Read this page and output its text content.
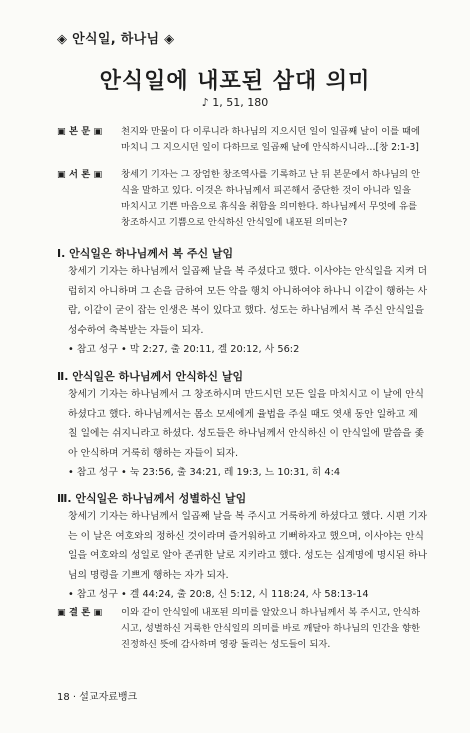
◈ 안식일, 하나님 ◈
안식일에 내포된 삼대 의미
♪ 1, 51, 180
▣ 본 문 ▣	천지와 만물이 다 이루니라 하나님의 지으시던 일이 일곱째 날이 이를 때에 마치니 그 지으시던 일이 다하므로 일곱째 날에 안식하시니라…[창 2:1-3]
▣ 서 론 ▣	창세기 기자는 그 장엄한 창조역사를 기록하고 난 뒤 본문에서 하나님의 안식을 말하고 있다. 이것은 하나님께서 피곤해서 중단한 것이 아니라 일을 마치시고 기쁜 마음으로 휴식을 취함을 의미한다. 하나님께서 무엇에 유를 창조하시고 기쁨으로 안식하신 안식일에 내포된 의미는?
Ⅰ. 안식일은 하나님께서 복 주신 날임
창세기 기자는 하나님께서 일곱째 날을 복 주셨다고 했다. 이사야는 안식일을 지켜 더럽히지 아니하며 그 손을 금하여 모든 악을 행치 아니하여야 하나니 이같이 행하는 사람, 이같이 굳이 잡는 인생은 복이 있다고 했다. 성도는 하나님께서 복 주신 안식일을 성수하여 축복받는 자들이 되자.
• 참고 성구 • 막 2:27, 출 20:11, 겔 20:12, 사 56:2
Ⅱ. 안식일은 하나님께서 안식하신 날임
창세기 기자는 하나님께서 그 창조하시며 만드시던 모든 일을 마치시고 이 날에 안식하셨다고 했다. 하나님께서는 몸소 모세에게 율법을 주실 때도 엿새 동안 일하고 제 칠 일에는 쉬지니라고 하셨다. 성도들은 하나님께서 안식하신 이 안식일에 말씀을 좇아 안식하며 거룩히 행하는 자들이 되자.
• 참고 성구 • 눅 23:56, 출 34:21, 레 19:3, 느 10:31, 히 4:4
Ⅲ. 안식일은 하나님께서 성별하신 날임
창세기 기자는 하나님께서 일곱째 날을 복 주시고 거룩하게 하셨다고 했다. 시편 기자는 이 날은 여호와의 정하신 것이라며 즐거워하고 기뻐하자고 했으며, 이사야는 안식일을 여호와의 성일로 알아 존귀한 날로 지키라고 했다. 성도는 십계명에 명시된 하나님의 명령을 기쁘게 행하는 자가 되자.
• 참고 성구 • 겔 44:24, 출 20:8, 신 5:12, 시 118:24, 사 58:13-14
▣ 결 론 ▣	이와 같이 안식일에 내포된 의미를 알았으니 하나님께서 복 주시고, 안식하시고, 성별하신 거룩한 안식일의 의미를 바로 깨달아 하나님의 인간을 향한 진정하신 뜻에 감사하며 영광 돌리는 성도들이 되자.
18 · 설교자료뱅크
